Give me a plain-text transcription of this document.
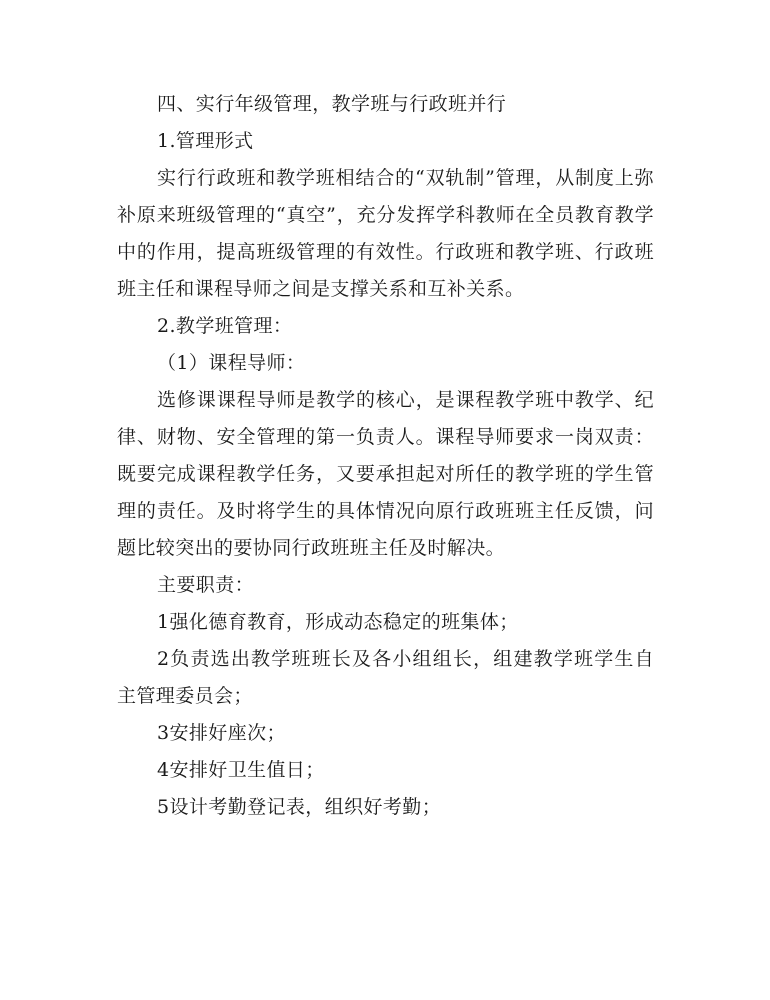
四、实行年级管理，教学班与行政班并行

1.管理形式

实行行政班和教学班相结合的“双轨制”管理，从制度上弥补原来班级管理的“真空”，充分发挥学科教师在全员教育教学中的作用，提高班级管理的有效性。行政班和教学班、行政班班主任和课程导师之间是支撑关系和互补关系。

2.教学班管理：

（1）课程导师：

选修课课程导师是教学的核心，是课程教学班中教学、纪律、财物、安全管理的第一负责人。课程导师要求一岗双责：既要完成课程教学任务，又要承担起对所任的教学班的学生管理的责任。及时将学生的具体情况向原行政班班主任反馈，问题比较突出的要协同行政班班主任及时解决。

主要职责：

1强化德育教育，形成动态稳定的班集体；

2负责选出教学班班长及各小组组长，组建教学班学生自主管理委员会；

3安排好座次；

4安排好卫生值日；

5设计考勤登记表，组织好考勤；
